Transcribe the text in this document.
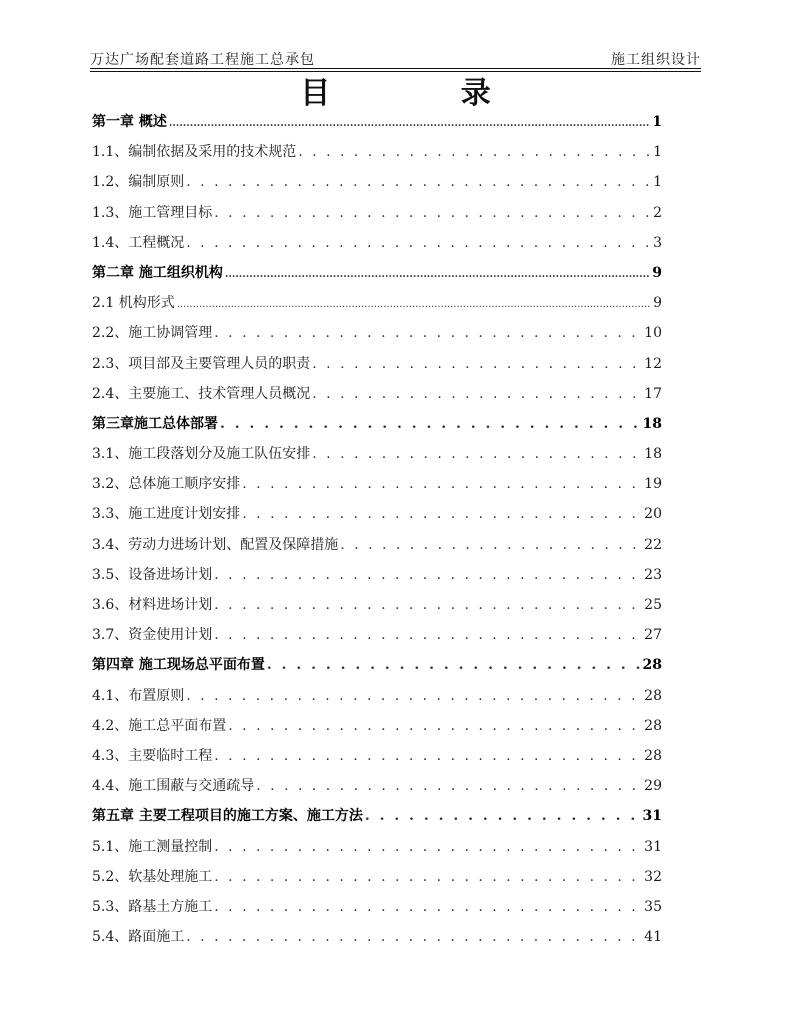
万达广场配套道路工程施工总承包	施工组织设计
目 录
第一章 概述 .....	1
1.1、编制依据及采用的技术规范 . . .	1
1.2、编制原则 . . .	1
1.3、施工管理目标 . . .	2
1.4、工程概况 . . .	3
第二章 施工组织机构 .....	9
2.1 机构形式 .....	9
2.2、施工协调管理 . . .	10
2.3、项目部及主要管理人员的职责 . . .	12
2.4、主要施工、技术管理人员概况 . . .	17
第三章施工总体部署 . . .	18
3.1、施工段落划分及施工队伍安排 . . .	18
3.2、总体施工顺序安排 . . .	19
3.3、施工进度计划安排 . . .	20
3.4、劳动力进场计划、配置及保障措施 . . .	22
3.5、设备进场计划 . . .	23
3.6、材料进场计划 . . .	25
3.7、资金使用计划 . . .	27
第四章 施工现场总平面布置 . . .	28
4.1、布置原则 . . .	28
4.2、施工总平面布置 . . .	28
4.3、主要临时工程 . . .	28
4.4、施工围蔽与交通疏导 . . .	29
第五章 主要工程项目的施工方案、施工方法 . . .	31
5.1、施工测量控制 . . .	31
5.2、软基处理施工 . . .	32
5.3、路基土方施工 . . .	35
5.4、路面施工 . . .	41
